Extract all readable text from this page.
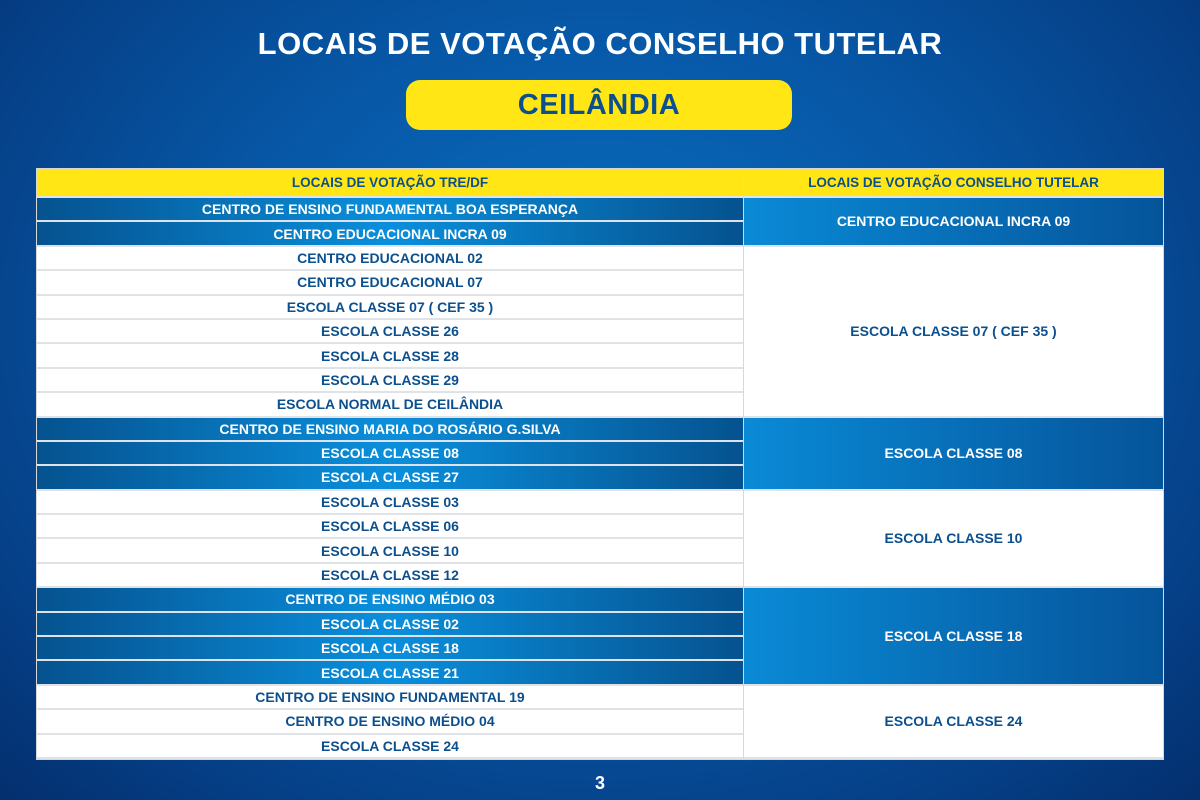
LOCAIS DE VOTAÇÃO CONSELHO TUTELAR
CEILÂNDIA
LOCAIS DE VOTAÇÃO TRE/DF	LOCAIS DE VOTAÇÃO CONSELHO TUTELAR
CENTRO DE ENSINO FUNDAMENTAL BOA ESPERANÇA
CENTRO EDUCACIONAL INCRA 09
CENTRO EDUCACIONAL INCRA 09
CENTRO EDUCACIONAL 02
CENTRO EDUCACIONAL 07
ESCOLA CLASSE 07 ( CEF 35 )
ESCOLA CLASSE 26
ESCOLA CLASSE 28
ESCOLA CLASSE 29
ESCOLA NORMAL DE CEILÂNDIA
ESCOLA CLASSE 07 ( CEF 35 )
CENTRO DE ENSINO MARIA DO ROSÁRIO G.SILVA
ESCOLA CLASSE 08
ESCOLA CLASSE 27
ESCOLA CLASSE 08
ESCOLA CLASSE 03
ESCOLA CLASSE 06
ESCOLA CLASSE 10
ESCOLA CLASSE 12
ESCOLA CLASSE 10
CENTRO DE ENSINO MÉDIO 03
ESCOLA CLASSE 02
ESCOLA CLASSE 18
ESCOLA CLASSE 21
ESCOLA CLASSE 18
CENTRO DE ENSINO FUNDAMENTAL 19
CENTRO DE ENSINO MÉDIO 04
ESCOLA CLASSE 24
ESCOLA CLASSE 24
3
